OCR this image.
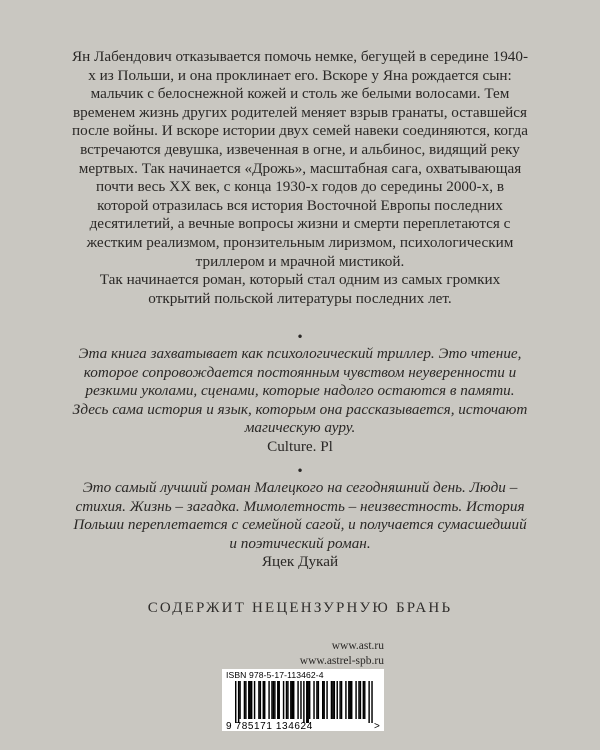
Ян Лабендович отказывается помочь немке, бегущей в середине 1940-х из Польши, и она проклинает его. Вскоре у Яна рождается сын: мальчик с белоснежной кожей и столь же белыми волосами. Тем временем жизнь других родителей меняет взрыв гранаты, оставшейся после войны. И вскоре истории двух семей навеки соединяются, когда встречаются девушка, извеченная в огне, и альбинос, видящий реку мертвых. Так начинается «Дрожь», масштабная сага, охватывающая почти весь XX век, с конца 1930-х годов до середины 2000-х, в которой отразилась вся история Восточной Европы последних десятилетий, а вечные вопросы жизни и смерти переплетаются с жестким реализмом, пронзительным лиризмом, психологическим триллером и мрачной мистикой.

Так начинается роман, который стал одним из самых громких открытий польской литературы последних лет.

•
Эта книга захватывает как психологический триллер. Это чтение, которое сопровождается постоянным чувством неуверенности и резкими уколами, сценами, которые надолго остаются в памяти. Здесь сама история и язык, которым она рассказывается, источают магическую ауру.
Culture. Pl
•
Это самый лучший роман Малецкого на сегодняшний день. Люди – стихия. Жизнь – загадка. Мимолетность – неизвестность. История Польши переплетается с семейной сагой, и получается сумасшедший и поэтический роман.
Яцек Дукай
СОДЕРЖИТ НЕЦЕНЗУРНУЮ БРАНЬ
www.ast.ru
www.astrel-spb.ru
ISBN 978-5-17-113462-4
9 785171 134624	>
